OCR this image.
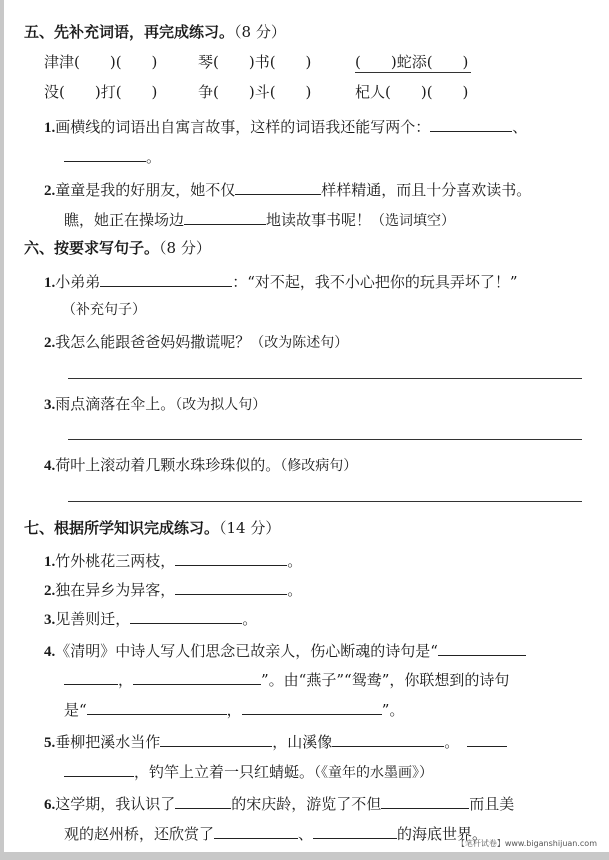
五、先补充词语，再完成练习。（8 分）
津津(　　)(　　)	琴(　　)书(　　)	(　　)蛇添(　　)
没(　　)打(　　)	争(　　)斗(　　)	杞人(　　)(　　)
1.画横线的词语出自寓言故事，这样的词语我还能写两个：	、
。
2.童童是我的好朋友，她不仅	样样精通，而且十分喜欢读书。
瞧，她正在操场边	地读故事书呢！（选词填空）
六、按要求写句子。（8 分）
1.小弟弟	：“对不起，我不小心把你的玩具弄坏了！”
（补充句子）
2.我怎么能跟爸爸妈妈撒谎呢？（改为陈述句）
3.雨点滴落在伞上。（改为拟人句）
4.荷叶上滚动着几颗水珠珍珠似的。（修改病句）
七、根据所学知识完成练习。（14 分）
1.竹外桃花三两枝，	。
2.独在异乡为异客，	。
3.见善则迁，	。
4.《清明》中诗人写人们思念已故亲人，伤心断魂的诗句是“
，	”。由“燕子”“鸳鸯”，你联想到的诗句
是“	，	”。
5.垂柳把溪水当作	，山溪像	。
，钓竿上立着一只红蜻蜓。（《童年的水墨画》）
6.这学期，我认识了	的宋庆龄，游览了不但	而且美
观的赵州桥，还欣赏了	、	的海底世界。
【笔杆试卷】www.biganshijuan.com
